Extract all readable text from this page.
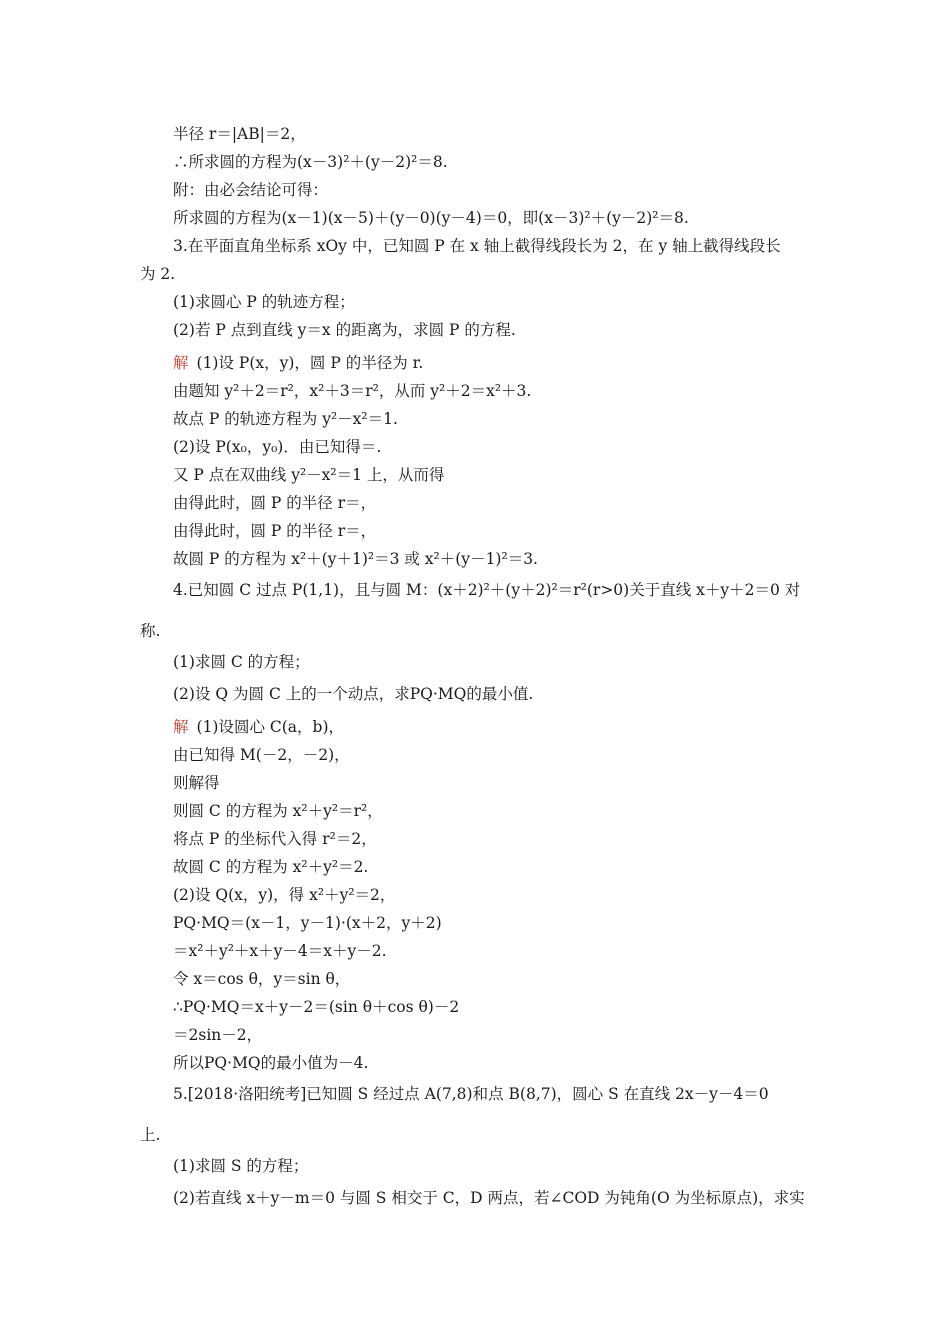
半径 r＝|AB|＝2，
∴所求圆的方程为(x－3)²＋(y－2)²＝8.
附：由必会结论可得：
所求圆的方程为(x－1)(x－5)＋(y－0)(y－4)＝0，即(x－3)²＋(y－2)²＝8.
3.在平面直角坐标系 xOy 中，已知圆 P 在 x 轴上截得线段长为 2，在 y 轴上截得线段长
为 2.
(1)求圆心 P 的轨迹方程；
(2)若 P 点到直线 y＝x 的距离为，求圆 P 的方程.
解 (1)设 P(x，y)，圆 P 的半径为 r.
由题知 y²＋2＝r²，x²＋3＝r²，从而 y²＋2＝x²＋3.
故点 P 的轨迹方程为 y²－x²＝1.
(2)设 P(x₀，y₀)．由已知得＝.
又 P 点在双曲线 y²－x²＝1 上，从而得
由得此时，圆 P 的半径 r＝，
由得此时，圆 P 的半径 r＝，
故圆 P 的方程为 x²＋(y＋1)²＝3 或 x²＋(y－1)²＝3.
4.已知圆 C 过点 P(1,1)，且与圆 M：(x＋2)²＋(y＋2)²＝r²(r>0)关于直线 x＋y＋2＝0 对
称.
(1)求圆 C 的方程；
(2)设 Q 为圆 C 上的一个动点，求PQ·MQ的最小值.
解 (1)设圆心 C(a，b)，
由已知得 M(－2，－2)，
则解得
则圆 C 的方程为 x²＋y²＝r²，
将点 P 的坐标代入得 r²＝2，
故圆 C 的方程为 x²＋y²＝2.
(2)设 Q(x，y)，得 x²＋y²＝2，
PQ·MQ＝(x－1，y－1)·(x＋2，y＋2)
＝x²＋y²＋x＋y－4＝x＋y－2.
令 x＝cos θ，y＝sin θ，
∴PQ·MQ＝x＋y－2＝(sin θ＋cos θ)－2
＝2sin－2，
所以PQ·MQ的最小值为－4.
5.[2018·洛阳统考]已知圆 S 经过点 A(7,8)和点 B(8,7)，圆心 S 在直线 2x－y－4＝0
上.
(1)求圆 S 的方程；
(2)若直线 x＋y－m＝0 与圆 S 相交于 C，D 两点，若∠COD 为钝角(O 为坐标原点)，求实
